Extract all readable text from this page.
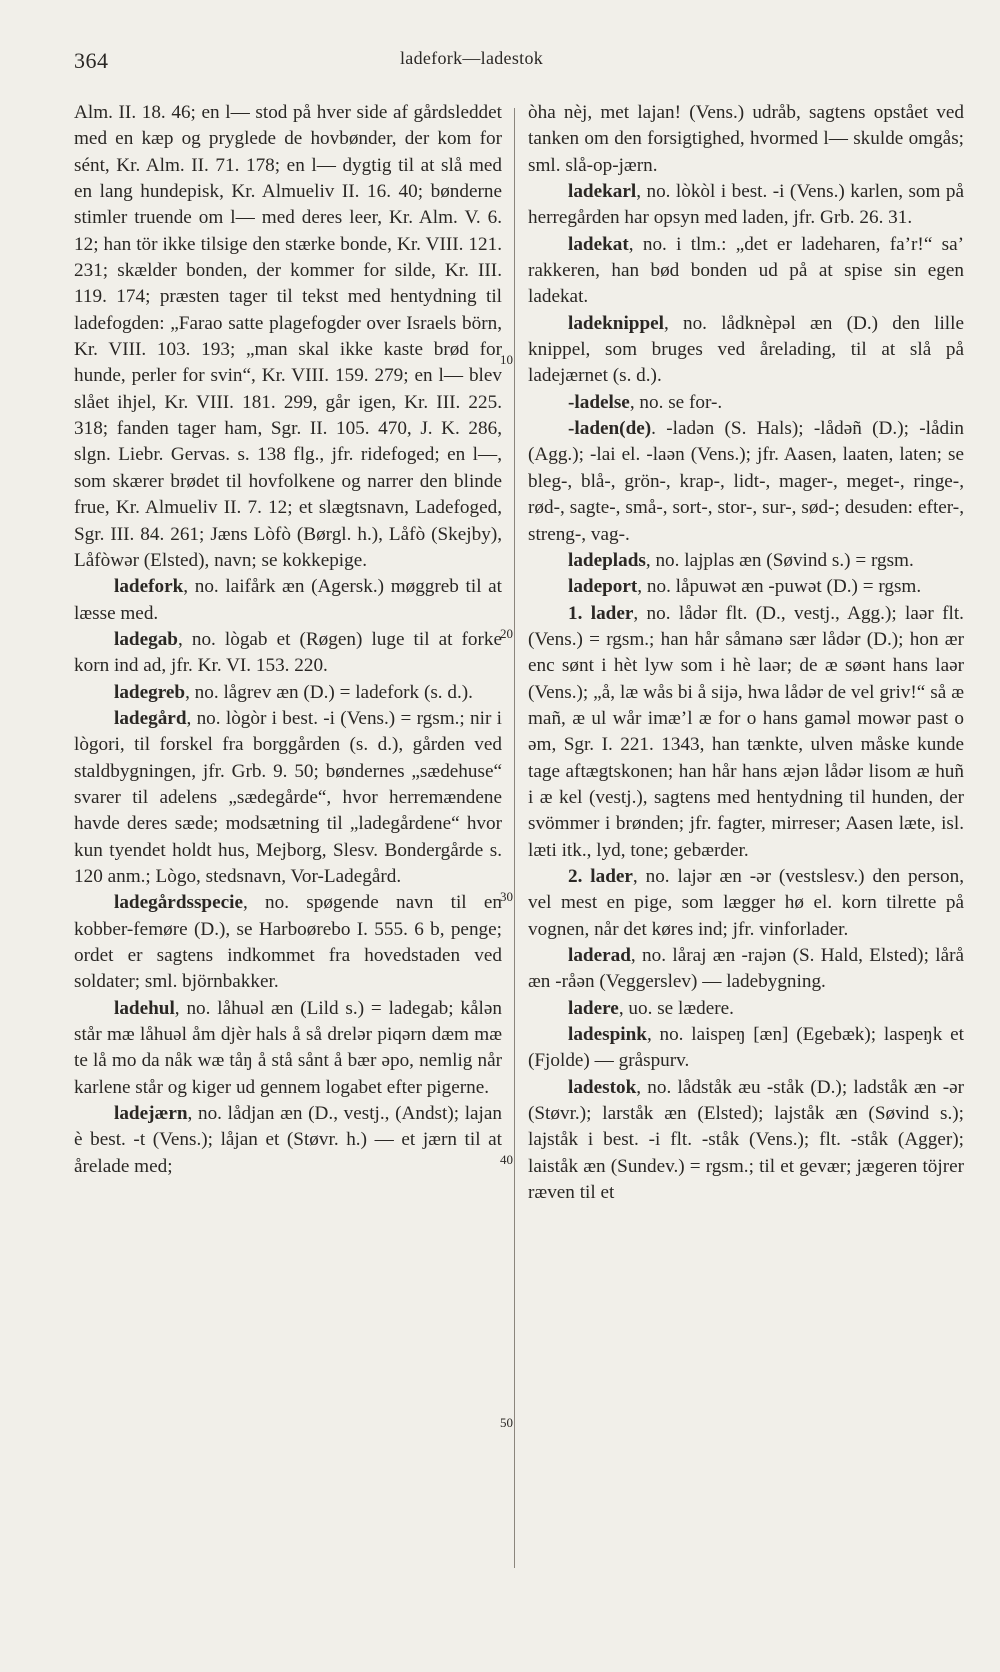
364	ladefork—ladestok

Alm. II. 18. 46; en l— stod på hver side af gårdsleddet med en kæp og pryglede de hovbønder, der kom for sént, Kr. Alm. II. 71. 178; en l— dygtig til at slå med en lang hundepisk, Kr. Almueliv II. 16. 40; bønderne stimler truende om l— med deres leer, Kr. Alm. V. 6. 12; han tör ikke tilsige den stærke bonde, Kr. VIII. 121. 231; skælder bonden, der kommer for silde, Kr. III. 119. 174; præsten tager til tekst med hentydning til ladefogden: „Farao satte plagefogder over Israels börn, Kr. VIII. 103. 193; „man skal ikke kaste brød for hunde, perler for svin“, Kr. VIII. 159. 279; en l— blev slået ihjel, Kr. VIII. 181. 299, går igen, Kr. III. 225. 318; fanden tager ham, Sgr. II. 105. 470, J. K. 286, slgn. Liebr. Gervas. s. 138 flg., jfr. ridefoged; en l—, som skærer brødet til hovfolkene og narrer den blinde frue, Kr. Almueliv II. 7. 12; et slægtsnavn, Ladefoged, Sgr. III. 84. 261; Jæns Lòfò (Børgl. h.), Låfò (Skejby), Låfòwər (Elsted), navn; se kokkepige.

ladefork, no. laifårk æn (Agersk.) møggreb til at læsse med.

ladegab, no. lògab et (Røgen) luge til at forke korn ind ad, jfr. Kr. VI. 153. 220.

ladegreb, no. lågrev æn (D.) = ladefork (s. d.).

ladegård, no. lògòr i best. -i (Vens.) = rgsm.; nir i lògori, til forskel fra borggården (s. d.), gården ved staldbygningen, jfr. Grb. 9. 50; bøndernes „sædehuse“ svarer til adelens „sædegårde“, hvor herremændene havde deres sæde; modsætning til „ladegårdene“ hvor kun tyendet holdt hus, Mejborg, Slesv. Bondergårde s. 120 anm.; Lògo, stedsnavn, Vor-Ladegård.

ladegårdsspecie, no. spøgende navn til en kobber-femøre (D.), se Harboørebo I. 555. 6 b, penge; ordet er sagtens indkommet fra hovedstaden ved soldater; sml. björnbakker.

ladehul, no. låhuəl æn (Lild s.) = ladegab; kålən står mæ låhuəl åm djèr hals å så drelər piqərn dæm mæ te lå mo da nåk wæ tåŋ å stå sånt å bær əpo, nemlig når karlene står og kiger ud gennem logabet efter pigerne.

ladejærn, no. lådjan æn (D., vestj., (Andst); lajan è best. -t (Vens.); låjan et (Støvr. h.) — et jærn til at årelade med;

10
20
30
40
50

òha nèj, met lajan! (Vens.) udråb, sagtens opstået ved tanken om den forsigtighed, hvormed l— skulde omgås; sml. slå-op-jærn.

ladekarl, no. lòkòl i best. -i (Vens.) karlen, som på herregården har opsyn med laden, jfr. Grb. 26. 31.

ladekat, no. i tlm.: „det er ladeharen, fa’r!“ sa’ rakkeren, han bød bonden ud på at spise sin egen ladekat.

ladeknippel, no. lådknèpəl æn (D.) den lille knippel, som bruges ved årelading, til at slå på ladejærnet (s. d.).

-ladelse, no. se for-.

-laden(de). -ladən (S. Hals); -lådəñ (D.); -lådin (Agg.); -lai el. -laən (Vens.); jfr. Aasen, laaten, laten; se bleg-, blå-, grön-, krap-, lidt-, mager-, meget-, ringe-, rød-, sagte-, små-, sort-, stor-, sur-, sød-; desuden: efter-, streng-, vag-.

ladeplads, no. lajplas æn (Søvind s.) = rgsm.

ladeport, no. låpuwət æn -puwət (D.) = rgsm.

1. lader, no. lådər flt. (D., vestj., Agg.); laər flt. (Vens.) = rgsm.; han hår såmanə sær lådər (D.); hon ær enc sønt i hèt lyw som i hè laər; de æ søənt hans laər (Vens.); „å, læ wås bi å sijə, hwa lådər de vel griv!“ så æ mañ, æ ul wår imæ’l æ for o hans gaməl mowər past o əm, Sgr. I. 221. 1343, han tænkte, ulven måske kunde tage aftægtskonen; han hår hans æjən lådər lisom æ huñ i æ kel (vestj.), sagtens med hentydning til hunden, der svömmer i brønden; jfr. fagter, mirreser; Aasen læte, isl. læti itk., lyd, tone; gebærder.

2. lader, no. lajər æn -ər (vestslesv.) den person, vel mest en pige, som lægger hø el. korn tilrette på vognen, når det køres ind; jfr. vinforlader.

laderad, no. låraj æn -rajən (S. Hald, Elsted); lårå æn -råən (Veggerslev) — ladebygning.

ladere, uo. se lædere.

ladespink, no. laispeŋ [æn] (Egebæk); laspeŋk et (Fjolde) — gråspurv.

ladestok, no. lådståk æu -ståk (D.); ladståk æn -ər (Støvr.); larståk æn (Elsted); lajståk æn (Søvind s.); lajståk i best. -i flt. -ståk (Vens.); flt. -ståk (Agger); laiståk æn (Sundev.) = rgsm.; til et gevær; jægeren töjrer ræven til et
